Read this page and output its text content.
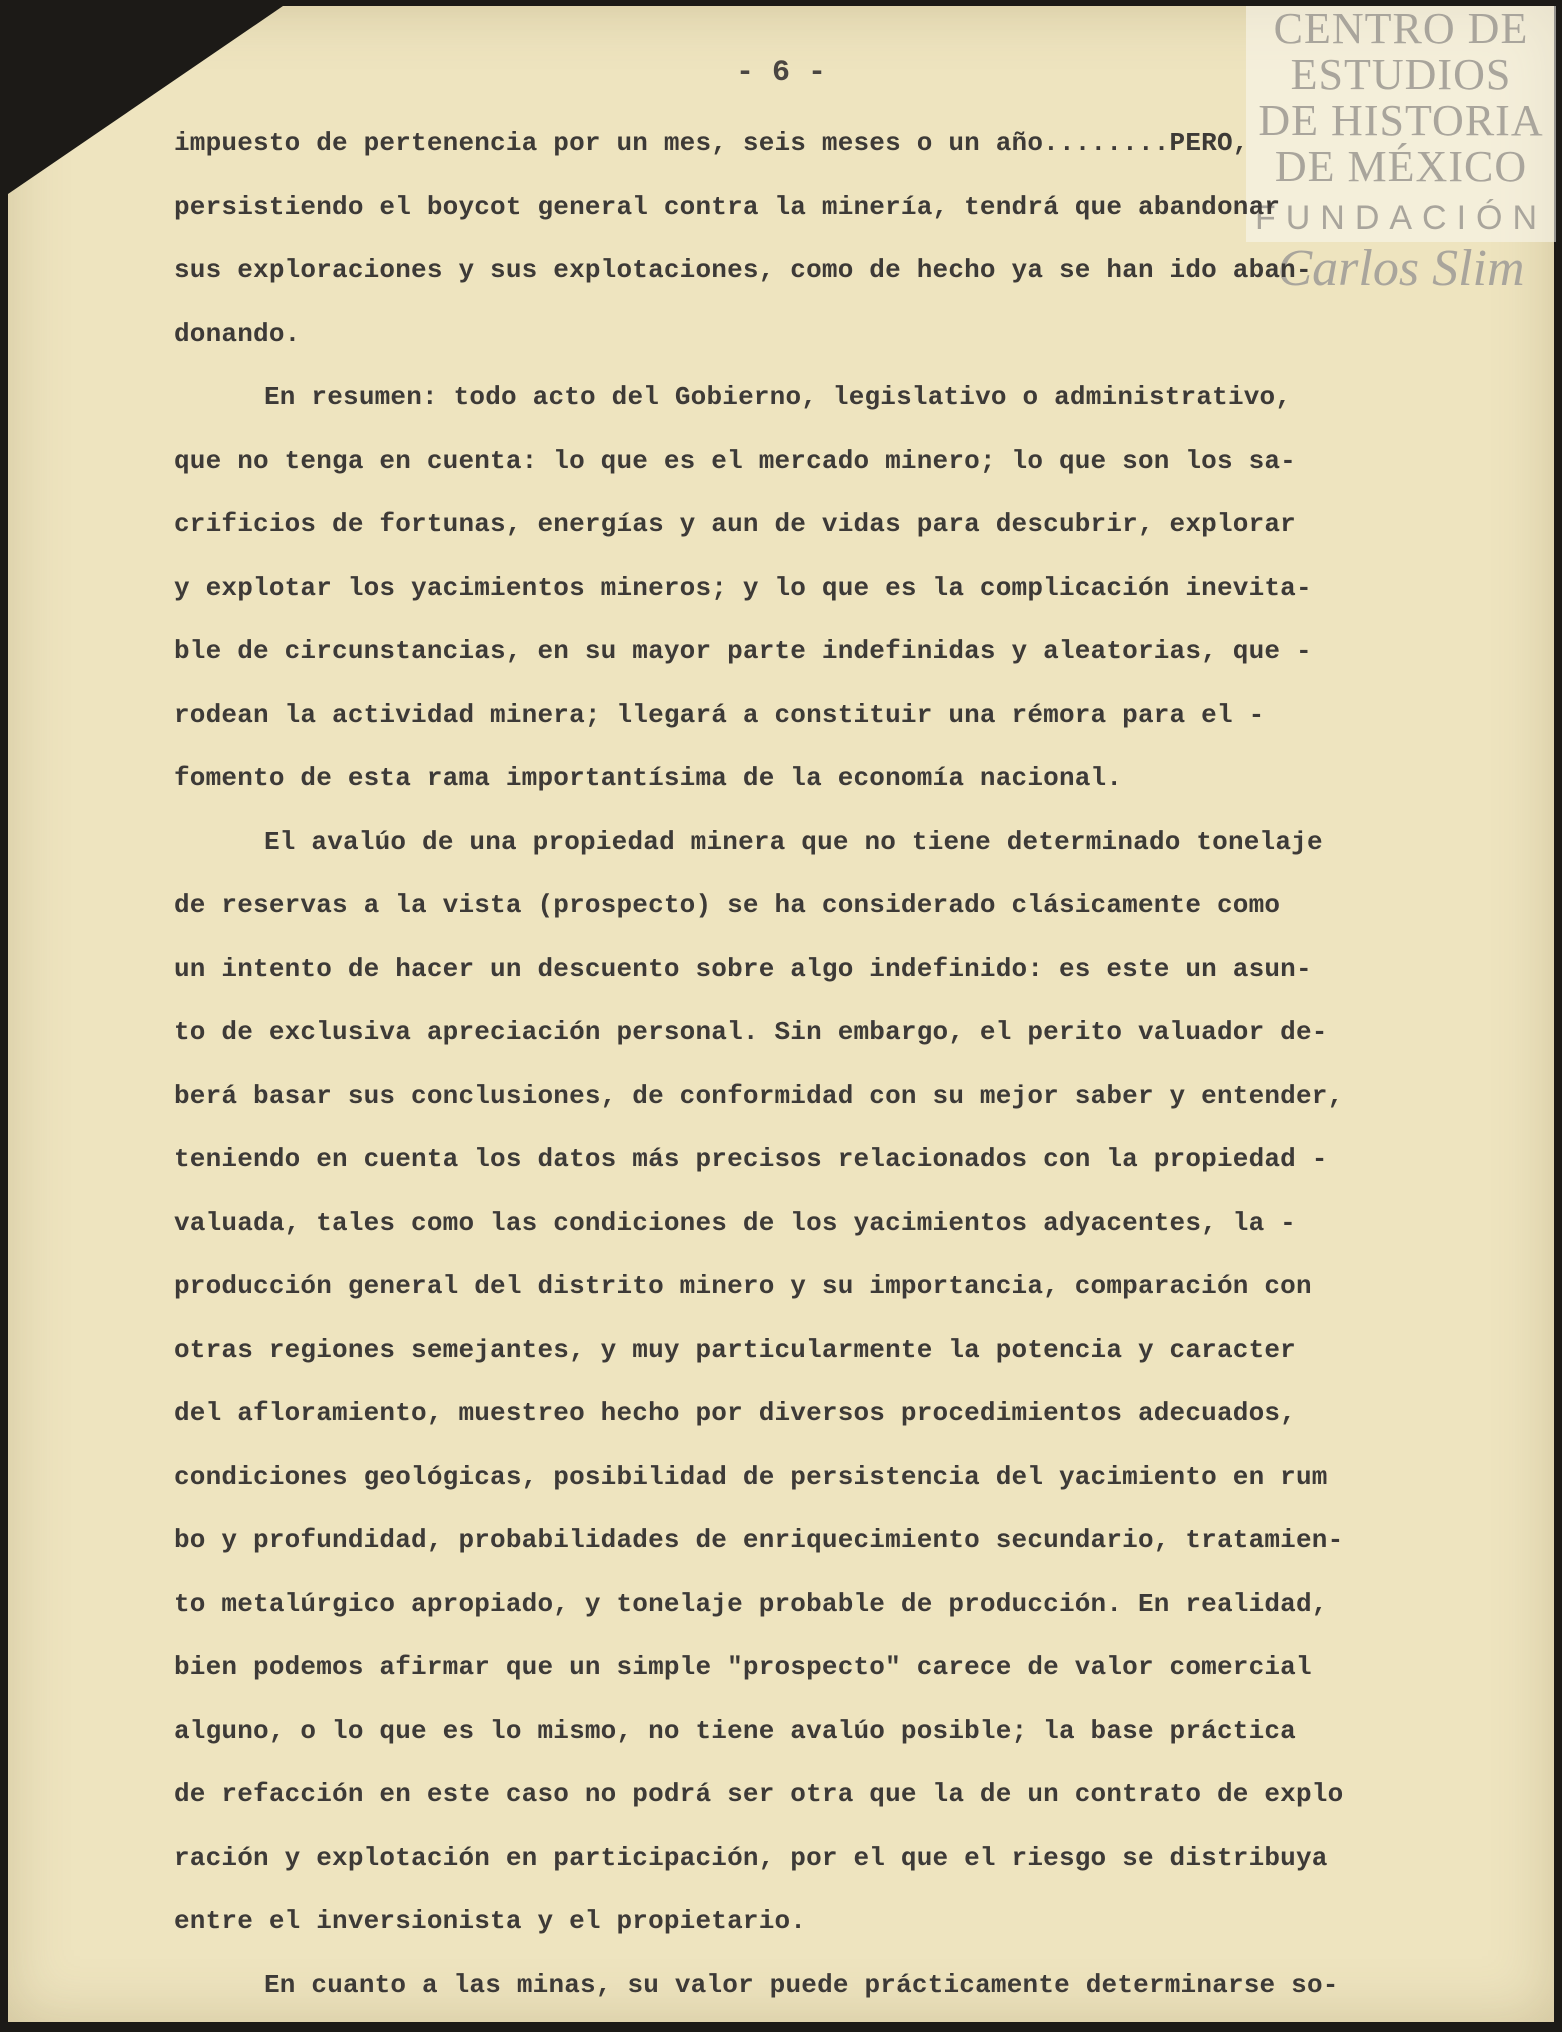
CENTRO DE
ESTUDIOS
DE HISTORIA
DE MÉXICO
FUNDACIÓN
Carlos Slim
- 6 -
impuesto de pertenencia por un mes, seis meses o un año........PERO,
persistiendo el boycot general contra la minería, tendrá que abandonar
sus exploraciones y sus explotaciones, como de hecho ya se han ido aban-
donando.
En resumen: todo acto del Gobierno, legislativo o administrativo,
que no tenga en cuenta: lo que es el mercado minero; lo que son los sa-
crificios de fortunas, energías y aun de vidas para descubrir, explorar
y explotar los yacimientos mineros; y lo que es la complicación inevita-
ble de circunstancias, en su mayor parte indefinidas y aleatorias, que -
rodean la actividad minera; llegará a constituir una rémora para el -
fomento de esta rama importantísima de la economía nacional.
El avalúo de una propiedad minera que no tiene determinado tonelaje
de reservas a la vista (prospecto) se ha considerado clásicamente como
un intento de hacer un descuento sobre algo indefinido: es este un asun-
to de exclusiva apreciación personal. Sin embargo, el perito valuador de-
berá basar sus conclusiones, de conformidad con su mejor saber y entender,
teniendo en cuenta los datos más precisos relacionados con la propiedad -
valuada, tales como las condiciones de los yacimientos adyacentes, la -
producción general del distrito minero y su importancia, comparación con
otras regiones semejantes, y muy particularmente la potencia y caracter
del afloramiento, muestreo hecho por diversos procedimientos adecuados,
condiciones geológicas, posibilidad de persistencia del yacimiento en rum
bo y profundidad, probabilidades de enriquecimiento secundario, tratamien-
to metalúrgico apropiado, y tonelaje probable de producción. En realidad,
bien podemos afirmar que un simple "prospecto" carece de valor comercial
alguno, o lo que es lo mismo, no tiene avalúo posible; la base práctica
de refacción en este caso no podrá ser otra que la de un contrato de explo
ración y explotación en participación, por el que el riesgo se distribuya
entre el inversionista y el propietario.
En cuanto a las minas, su valor puede prácticamente determinarse so-
